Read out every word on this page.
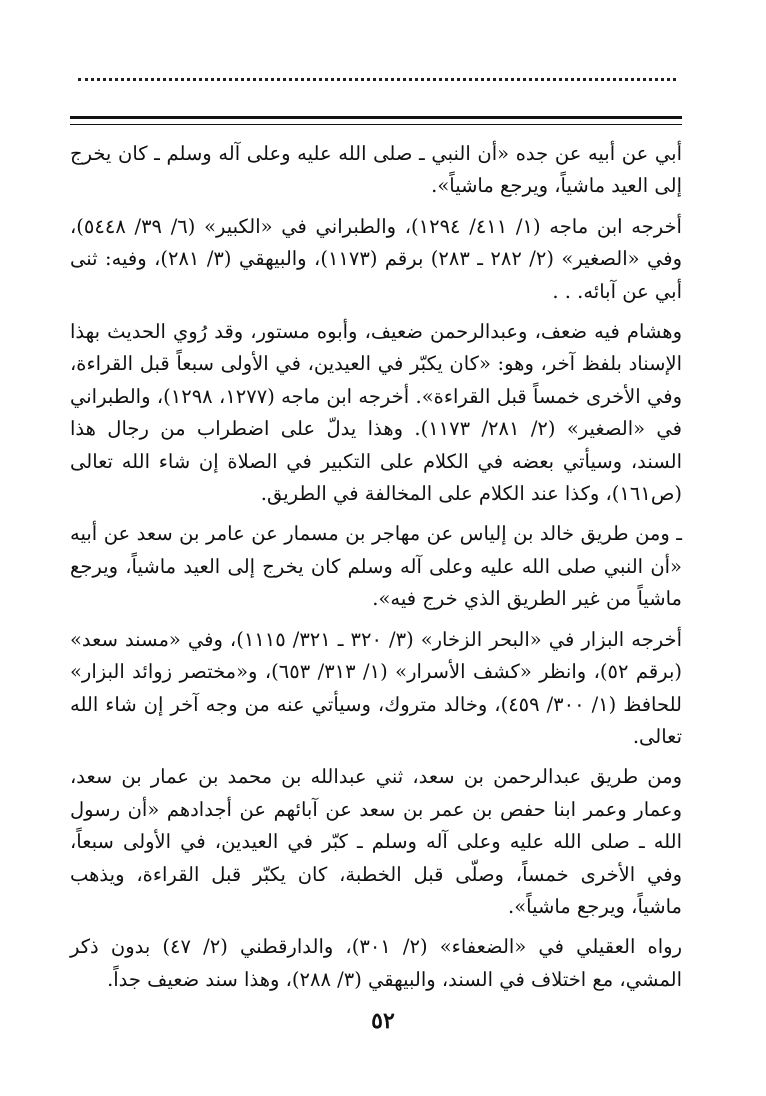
أبي عن أبيه عن جده «أن النبي ـ صلى الله عليه وعلى آله وسلم ـ كان يخرج إلى العيد ماشياً، ويرجع ماشياً».

أخرجه ابن ماجه (١/ ٤١١/ ١٢٩٤)، والطبراني في «الكبير» (٦/ ٣٩/ ٥٤٤٨)، وفي «الصغير» (٢/ ٢٨٢ ـ ٢٨٣) برقم (١١٧٣)، والبيهقي (٣/ ٢٨١)، وفيه: ثنى أبي عن آبائه. . .

وهشام فيه ضعف، وعبدالرحمن ضعيف، وأبوه مستور، وقد رُوي الحديث بهذا الإسناد بلفظ آخر، وهو: «كان يكبّر في العيدين، في الأولى سبعاً قبل القراءة، وفي الأخرى خمساً قبل القراءة». أخرجه ابن ماجه (١٢٧٧، ١٢٩٨)، والطبراني في «الصغير» (٢/ ٢٨١/ ١١٧٣). وهذا يدلّ على اضطراب من رجال هذا السند، وسيأتي بعضه في الكلام على التكبير في الصلاة إن شاء الله تعالى (ص١٦١)، وكذا عند الكلام على المخالفة في الطريق.

ـ ومن طريق خالد بن إلياس عن مهاجر بن مسمار عن عامر بن سعد عن أبيه «أن النبي صلى الله عليه وعلى آله وسلم كان يخرج إلى العيد ماشياً، ويرجع ماشياً من غير الطريق الذي خرج فيه».

أخرجه البزار في «البحر الزخار» (٣/ ٣٢٠ ـ ٣٢١/ ١١١٥)، وفي «مسند سعد» (برقم ٥٢)، وانظر «كشف الأسرار» (١/ ٣١٣/ ٦٥٣)، و«مختصر زوائد البزار» للحافظ (١/ ٣٠٠/ ٤٥٩)، وخالد متروك، وسيأتي عنه من وجه آخر إن شاء الله تعالى.

ومن طريق عبدالرحمن بن سعد، ثني عبدالله بن محمد بن عمار بن سعد، وعمار وعمر ابنا حفص بن عمر بن سعد عن آبائهم عن أجدادهم «أن رسول الله ـ صلى الله عليه وعلى آله وسلم ـ كبّر في العيدين، في الأولى سبعاً، وفي الأخرى خمساً، وصلّى قبل الخطبة، كان يكبّر قبل القراءة، ويذهب ماشياً، ويرجع ماشياً».

رواه العقيلي في «الضعفاء» (٢/ ٣٠١)، والدارقطني (٢/ ٤٧) بدون ذكر المشي، مع اختلاف في السند، والبيهقي (٣/ ٢٨٨)، وهذا سند ضعيف جداً.

٥٢
